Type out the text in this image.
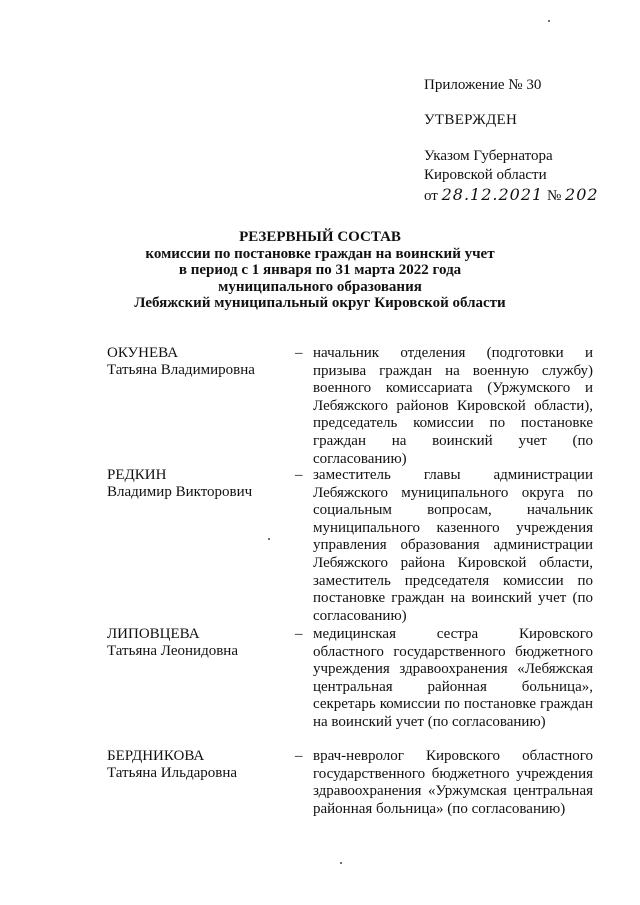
Приложение № 30
УТВЕРЖДЕН
Указом Губернатора
Кировской области
от 28.12.2021 № 202
РЕЗЕРВНЫЙ СОСТАВ
комиссии по постановке граждан на воинский учет
в период с 1 января по 31 марта 2022 года
муниципального образования
Лебяжский муниципальный округ Кировской области
ОКУНЕВА
Татьяна Владимировна
– начальник отделения (подготовки и призыва граждан на военную службу) военного комиссариата (Уржумского и Лебяжского районов Кировской области), председатель комиссии по постановке граждан на воинский учет (по согласованию)
РЕДКИН
Владимир Викторович
– заместитель главы администрации Лебяжского муниципального округа по социальным вопросам, начальник муниципального казенного учреждения управления образования администрации Лебяжского района Кировской области, заместитель председателя комиссии по постановке граждан на воинский учет (по согласованию)
ЛИПОВЦЕВА
Татьяна Леонидовна
– медицинская сестра Кировского областного государственного бюджетного учреждения здравоохранения «Лебяжская центральная районная больница», секретарь комиссии по постановке граждан на воинский учет (по согласованию)
БЕРДНИКОВА
Татьяна Ильдаровна
– врач-невролог Кировского областного государственного бюджетного учреждения здравоохранения «Уржумская центральная районная больница» (по согласованию)
